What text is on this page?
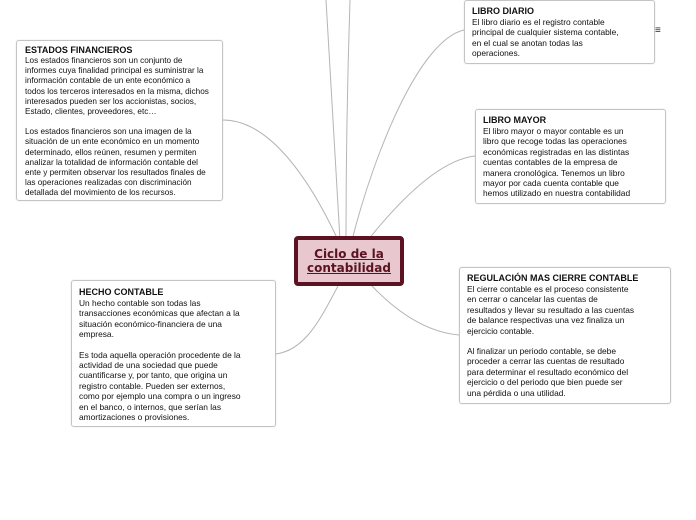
ESTADOS FINANCIEROS
Los estados financieros son un conjunto de
informes cuya finalidad principal es suministrar la
información contable de un ente económico a
todos los terceros interesados en la misma, dichos
interesados pueden ser los accionistas, socios,
Estado, clientes, proveedores, etc…
Los estados financieros son una imagen de la
situación de un ente económico en un momento
determinado, ellos reúnen, resumen y permiten
analizar la totalidad de información contable del
ente y permiten observar los resultados finales de
las operaciones realizadas con discriminación
detallada del movimiento de los recursos.
LIBRO DIARIO
El libro diario es el registro contable
principal de cualquier sistema contable,
en el cual se anotan todas las
operaciones.
≡
LIBRO MAYOR
El libro mayor o mayor contable es un
libro que recoge todas las operaciones
económicas registradas en las distintas
cuentas contables de la empresa de
manera cronológica. Tenemos un libro
mayor por cada cuenta contable que
hemos utilizado en nuestra contabilidad
Ciclo de la
contabilidad
REGULACIÓN MAS CIERRE CONTABLE
El cierre contable es el proceso consistente
en cerrar o cancelar las cuentas de
resultados y llevar su resultado a las cuentas
de balance respectivas una vez finaliza un
ejercicio contable.
Al finalizar un periodo contable, se debe
proceder a cerrar las cuentas de resultado
para determinar el resultado económico del
ejercicio o del periodo que bien puede ser
una pérdida o una utilidad.
HECHO CONTABLE
Un hecho contable son todas las
transacciones económicas que afectan a la
situación económico-financiera de una
empresa.
Es toda aquella operación procedente de la
actividad de una sociedad que puede
cuantificarse y, por tanto, que origina un
registro contable. Pueden ser externos,
como por ejemplo una compra o un ingreso
en el banco, o internos, que serían las
amortizaciones o provisiones.
